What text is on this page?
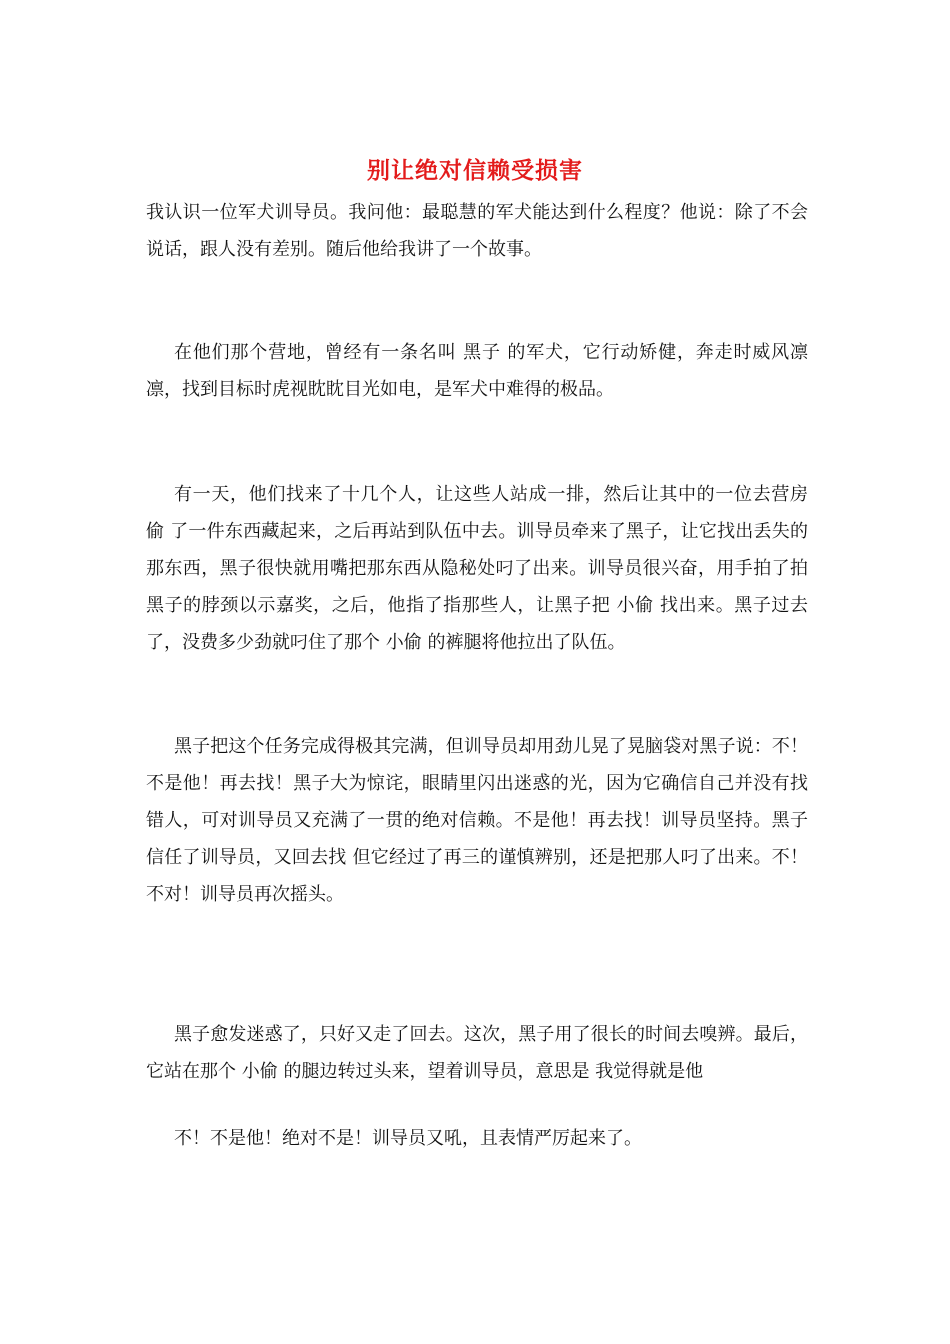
别让绝对信赖受损害

我认识一位军犬训导员。我问他：最聪慧的军犬能达到什么程度？他说：除了不会说话，跟人没有差别。随后他给我讲了一个故事。

在他们那个营地，曾经有一条名叫 黑子 的军犬，它行动矫健，奔走时威风凛凛，找到目标时虎视眈眈目光如电，是军犬中难得的极品。

有一天，他们找来了十几个人，让这些人站成一排，然后让其中的一位去营房 偷 了一件东西藏起来，之后再站到队伍中去。训导员牵来了黑子，让它找出丢失的那东西，黑子很快就用嘴把那东西从隐秘处叼了出来。训导员很兴奋，用手拍了拍黑子的脖颈以示嘉奖，之后，他指了指那些人，让黑子把 小偷 找出来。黑子过去了，没费多少劲就叼住了那个 小偷 的裤腿将他拉出了队伍。

黑子把这个任务完成得极其完满，但训导员却用劲儿晃了晃脑袋对黑子说：不！不是他！再去找！黑子大为惊诧，眼睛里闪出迷惑的光，因为它确信自己并没有找错人，可对训导员又充满了一贯的绝对信赖。不是他！再去找！训导员坚持。黑子信任了训导员，又回去找 但它经过了再三的谨慎辨别，还是把那人叼了出来。不！不对！训导员再次摇头。

黑子愈发迷惑了，只好又走了回去。这次，黑子用了很长的时间去嗅辨。最后，它站在那个 小偷 的腿边转过头来，望着训导员，意思是 我觉得就是他

不！不是他！绝对不是！训导员又吼，且表情严厉起来了。
